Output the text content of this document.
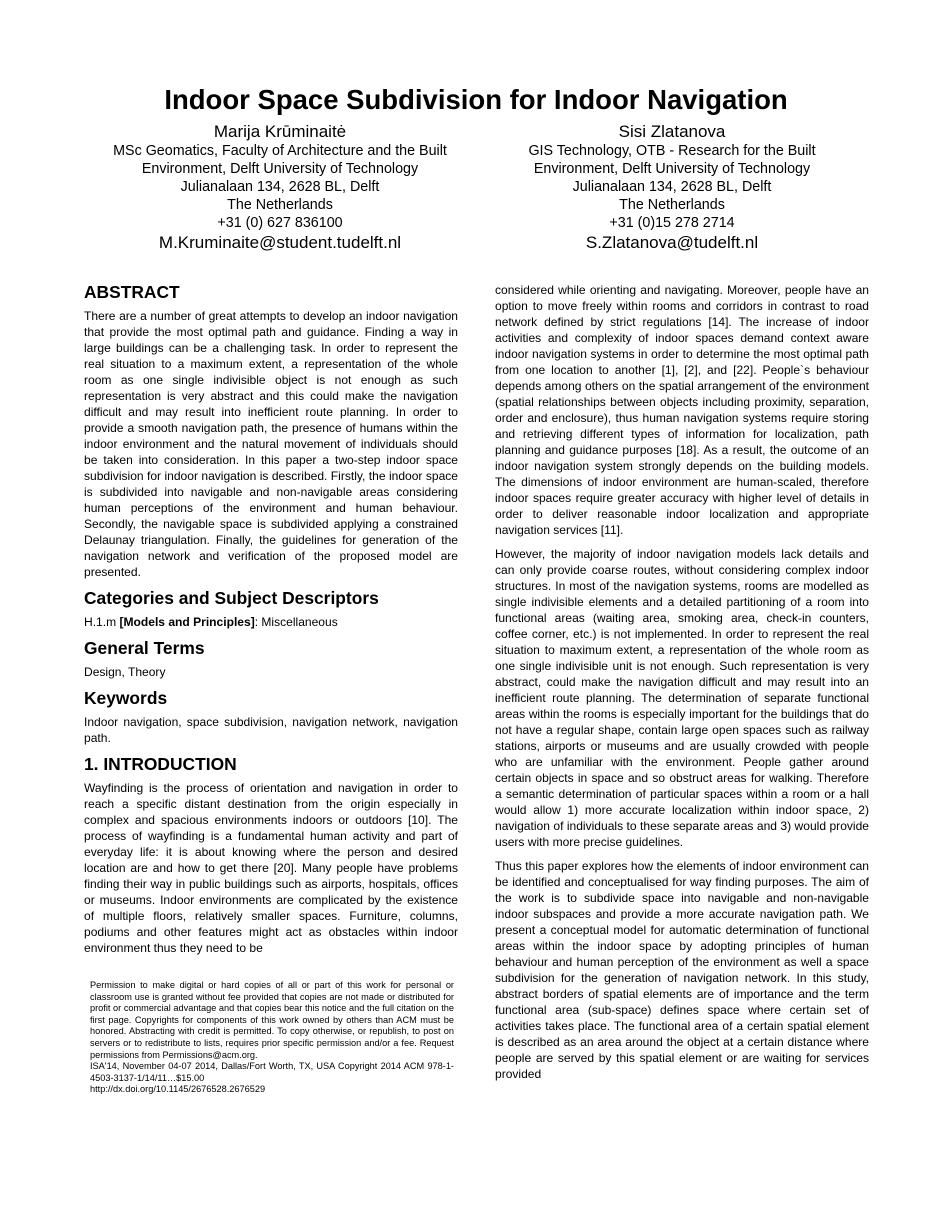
Indoor Space Subdivision for Indoor Navigation
Marija Krūminaitė
MSc Geomatics, Faculty of Architecture and the Built
Environment, Delft University of Technology
Julianalaan 134, 2628 BL, Delft
The Netherlands
+31 (0) 627 836100
M.Kruminaite@student.tudelft.nl
Sisi Zlatanova
GIS Technology, OTB - Research for the Built
Environment, Delft University of Technology
Julianalaan 134, 2628 BL, Delft
The Netherlands
+31 (0)15 278 2714
S.Zlatanova@tudelft.nl
ABSTRACT

There are a number of great attempts to develop an indoor navigation that provide the most optimal path and guidance. Finding a way in large buildings can be a challenging task. In order to represent the real situation to a maximum extent, a representation of the whole room as one single indivisible object is not enough as such representation is very abstract and this could make the navigation difficult and may result into inefficient route planning. In order to provide a smooth navigation path, the presence of humans within the indoor environment and the natural movement of individuals should be taken into consideration. In this paper a two-step indoor space subdivision for indoor navigation is described. Firstly, the indoor space is subdivided into navigable and non-navigable areas considering human perceptions of the environment and human behaviour. Secondly, the navigable space is subdivided applying a constrained Delaunay triangulation. Finally, the guidelines for generation of the navigation network and verification of the proposed model are presented.

Categories and Subject Descriptors

H.1.m [Models and Principles]: Miscellaneous

General Terms

Design, Theory

Keywords

Indoor navigation, space subdivision, navigation network, navigation path.

1. INTRODUCTION

Wayfinding is the process of orientation and navigation in order to reach a specific distant destination from the origin especially in complex and spacious environments indoors or outdoors [10]. The process of wayfinding is a fundamental human activity and part of everyday life: it is about knowing where the person and desired location are and how to get there [20]. Many people have problems finding their way in public buildings such as airports, hospitals, offices or museums. Indoor environments are complicated by the existence of multiple floors, relatively smaller spaces. Furniture, columns, podiums and other features might act as obstacles within indoor environment thus they need to be

Permission to make digital or hard copies of all or part of this work for personal or classroom use is granted without fee provided that copies are not made or distributed for profit or commercial advantage and that copies bear this notice and the full citation on the first page. Copyrights for components of this work owned by others than ACM must be honored. Abstracting with credit is permitted. To copy otherwise, or republish, to post on servers or to redistribute to lists, requires prior specific permission and/or a fee. Request permissions from Permissions@acm.org.

ISA'14, November 04-07 2014, Dallas/Fort Worth, TX, USA Copyright 2014 ACM 978-1-4503-3137-1/14/11…$15.00

http://dx.doi.org/10.1145/2676528.2676529

considered while orienting and navigating. Moreover, people have an option to move freely within rooms and corridors in contrast to road network defined by strict regulations [14]. The increase of indoor activities and complexity of indoor spaces demand context aware indoor navigation systems in order to determine the most optimal path from one location to another [1], [2], and [22]. People`s behaviour depends among others on the spatial arrangement of the environment (spatial relationships between objects including proximity, separation, order and enclosure), thus human navigation systems require storing and retrieving different types of information for localization, path planning and guidance purposes [18]. As a result, the outcome of an indoor navigation system strongly depends on the building models. The dimensions of indoor environment are human-scaled, therefore indoor spaces require greater accuracy with higher level of details in order to deliver reasonable indoor localization and appropriate navigation services [11].

However, the majority of indoor navigation models lack details and can only provide coarse routes, without considering complex indoor structures. In most of the navigation systems, rooms are modelled as single indivisible elements and a detailed partitioning of a room into functional areas (waiting area, smoking area, check-in counters, coffee corner, etc.) is not implemented. In order to represent the real situation to maximum extent, a representation of the whole room as one single indivisible unit is not enough. Such representation is very abstract, could make the navigation difficult and may result into an inefficient route planning. The determination of separate functional areas within the rooms is especially important for the buildings that do not have a regular shape, contain large open spaces such as railway stations, airports or museums and are usually crowded with people who are unfamiliar with the environment. People gather around certain objects in space and so obstruct areas for walking. Therefore a semantic determination of particular spaces within a room or a hall would allow 1) more accurate localization within indoor space, 2) navigation of individuals to these separate areas and 3) would provide users with more precise guidelines.

Thus this paper explores how the elements of indoor environment can be identified and conceptualised for way finding purposes. The aim of the work is to subdivide space into navigable and non-navigable indoor subspaces and provide a more accurate navigation path. We present a conceptual model for automatic determination of functional areas within the indoor space by adopting principles of human behaviour and human perception of the environment as well a space subdivision for the generation of navigation network. In this study, abstract borders of spatial elements are of importance and the term functional area (sub-space) defines space where certain set of activities takes place. The functional area of a certain spatial element is described as an area around the object at a certain distance where people are served by this spatial element or are waiting for services provided
